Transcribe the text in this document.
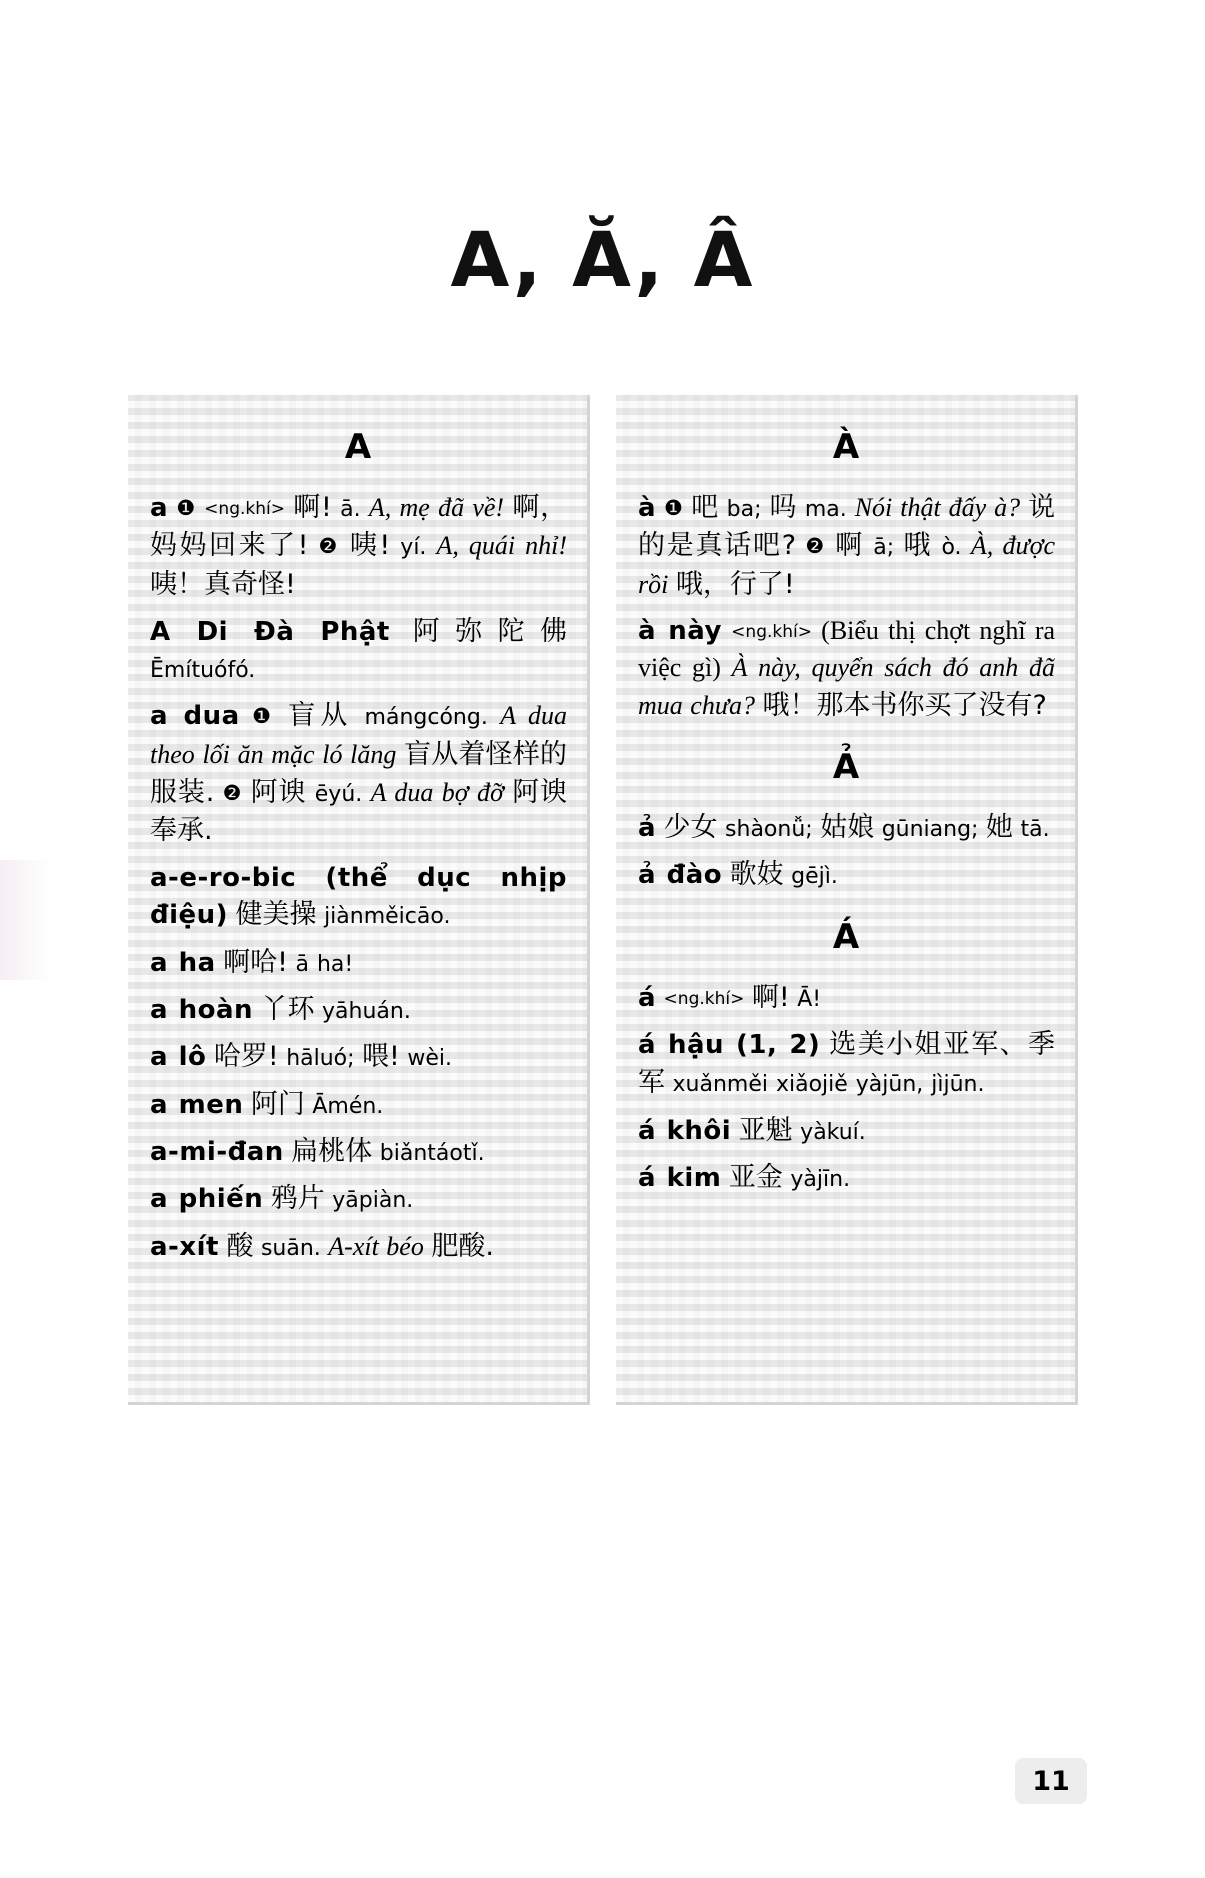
A, Ă, Â
A
a ❶ <ng.khí> 啊! ā. A, mẹ đã về! 啊，妈妈回来了! ❷ 咦! yí. A, quái nhỉ! 咦！真奇怪!
A Di Đà Phật 阿弥陀佛 Ēmítuófó.
a dua ❶ 盲从 mángcóng. A dua theo lối ăn mặc ló lăng 盲从着怪样的服装. ❷ 阿谀 ēyú. A dua bợ đỡ 阿谀奉承.
a-e-ro-bic (thể dục nhịp điệu) 健美操 jiànměicāo.
a ha 啊哈! ā ha!
a hoàn 丫环 yāhuán.
a lô 哈罗! hāluó; 喂! wèi.
a men 阿门 Āmén.
a-mi-đan 扁桃体 biǎntáotǐ.
a phiến 鸦片 yāpiàn.
a-xít 酸 suān. A-xít béo 肥酸.
À
à ❶ 吧 ba; 吗 ma. Nói thật đấy à? 说的是真话吧? ❷ 啊 ā; 哦 ò. À, được rồi 哦，行了!
à này <ng.khí> (Biểu thị chợt nghĩ ra việc gì) À này, quyển sách đó anh đã mua chưa? 哦！那本书你买了没有?
Ả
ả 少女 shàonǚ; 姑娘 gūniang; 她 tā.
ả đào 歌妓 gējì.
Á
á <ng.khí> 啊! Ā!
á hậu (1, 2) 选美小姐亚军、季军 xuǎnměi xiǎojiě yàjūn, jìjūn.
á khôi 亚魁 yàkuí.
á kim 亚金 yàjīn.
11
